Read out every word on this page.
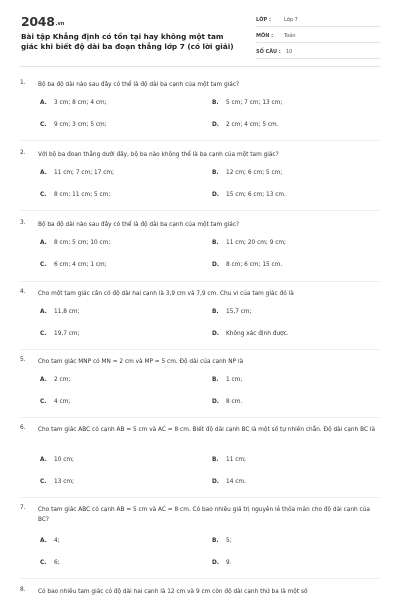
$2048_{.vn}$
Bài tập Khẳng định có tồn tại hay không một tam giác khi biết độ dài ba đoạn thẳng lớp 7 (có lời giải)
LỚP :	Lớp 7
MÔN : Toán
SỐ CÂU : 10
1. Bộ ba độ dài nào sau đây có thể là độ dài ba cạnh của một tam giác?
A. 3 cm; 8 cm; 4 cm;	B. 5 cm; 7 cm; 13 cm;
C. 9 cm; 3 cm; 5 cm;	D. 2 cm; 4 cm; 5 cm.
2. Với bộ ba đoạn thẳng dưới đây, bộ ba nào không thể là ba cạnh của một tam giác?
A. 11 cm; 7 cm; 17 cm;	B. 12 cm; 6 cm; 5 cm;
C. 8 cm; 11 cm; 5 cm;	D. 15 cm; 6 cm; 13 cm.
3. Bộ ba độ dài nào sau đây có thể là độ dài ba cạnh của một tam giác?
A. 8 cm; 5 cm; 10 cm;	B. 11 cm; 20 cm; 9 cm;
C. 6 cm; 4 cm; 1 cm;	D. 8 cm; 6 cm; 15 cm.
4. Cho một tam giác cân có độ dài hai cạnh là 3,9 cm và 7,9 cm. Chu vi của tam giác đó là
A. 11,8 cm;	B. 15,7 cm;
C. 19,7 cm;	D. Không xác định được.
5. Cho tam giác MNP có MN = 2 cm và MP = 5 cm. Độ dài của cạnh NP là
A. 2 cm;	B. 1 cm;
C. 4 cm;	D. 8 cm.
6. Cho tam giác ABC có cạnh AB = 5 cm và AC = 8 cm. Biết độ dài cạnh BC là một số tự nhiên chẵn. Độ dài cạnh BC là
A. 10 cm;	B. 11 cm;
C. 13 cm;	D. 14 cm.
7. Cho tam giác ABC có cạnh AB = 5 cm và AC = 8 cm. Có bao nhiêu giá trị nguyên lẻ thỏa mãn cho độ dài cạnh của BC?
A. 4;	B. 5;
C. 6;	D. 9.
8. Có bao nhiêu tam giác có độ dài hai cạnh là 12 cm và 9 cm còn độ dài cạnh thứ ba là một số
